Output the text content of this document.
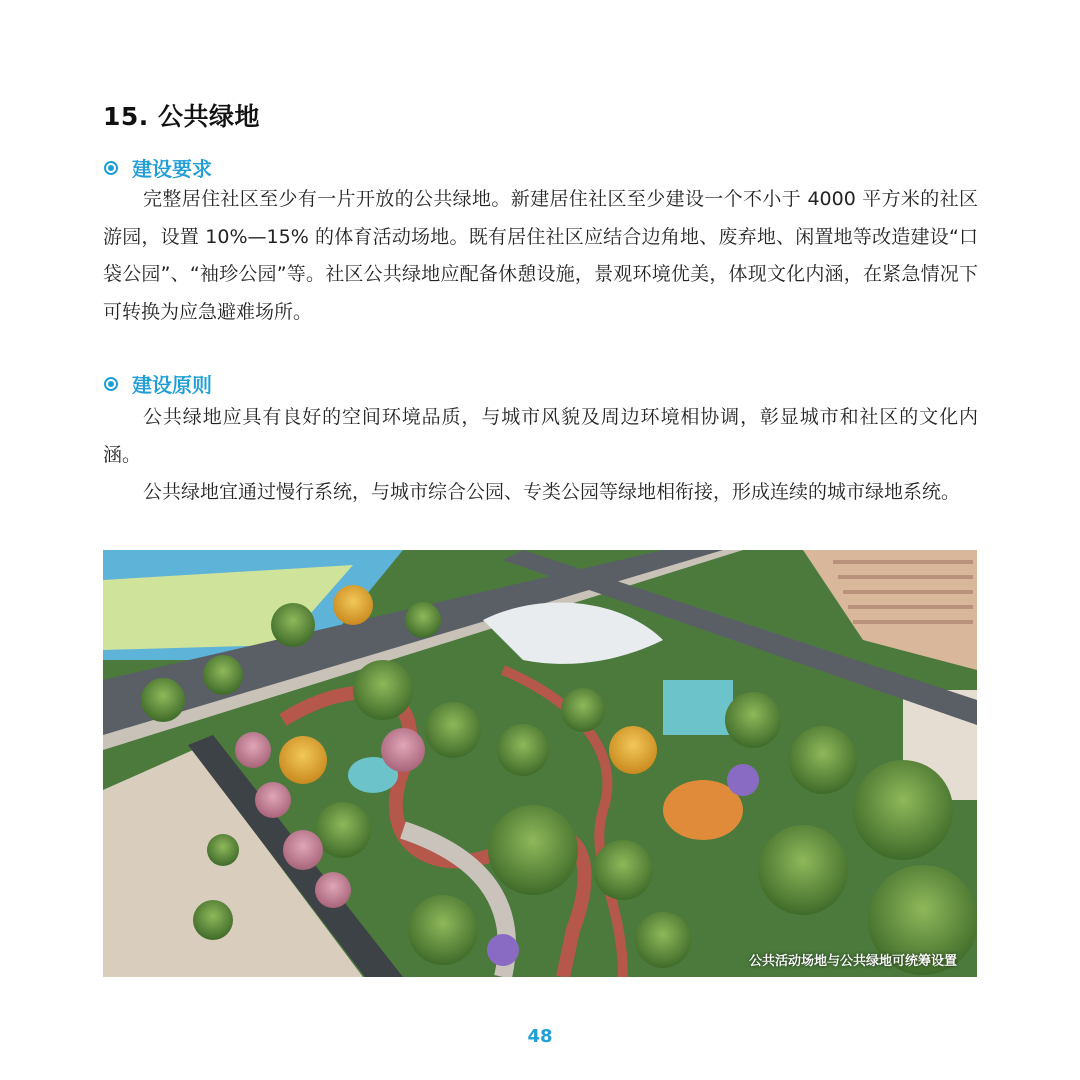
15. 公共绿地
建设要求

完整居住社区至少有一片开放的公共绿地。新建居住社区至少建设一个不小于 4000 平方米的社区游园，设置 10%—15% 的体育活动场地。既有居住社区应结合边角地、废弃地、闲置地等改造建设“口袋公园”、“袖珍公园”等。社区公共绿地应配备休憩设施，景观环境优美，体现文化内涵，在紧急情况下可转换为应急避难场所。

建设原则

公共绿地应具有良好的空间环境品质，与城市风貌及周边环境相协调，彰显城市和社区的文化内涵。

公共绿地宜通过慢行系统，与城市综合公园、专类公园等绿地相衔接，形成连续的城市绿地系统。

公共活动场地与公共绿地可统筹设置
48
